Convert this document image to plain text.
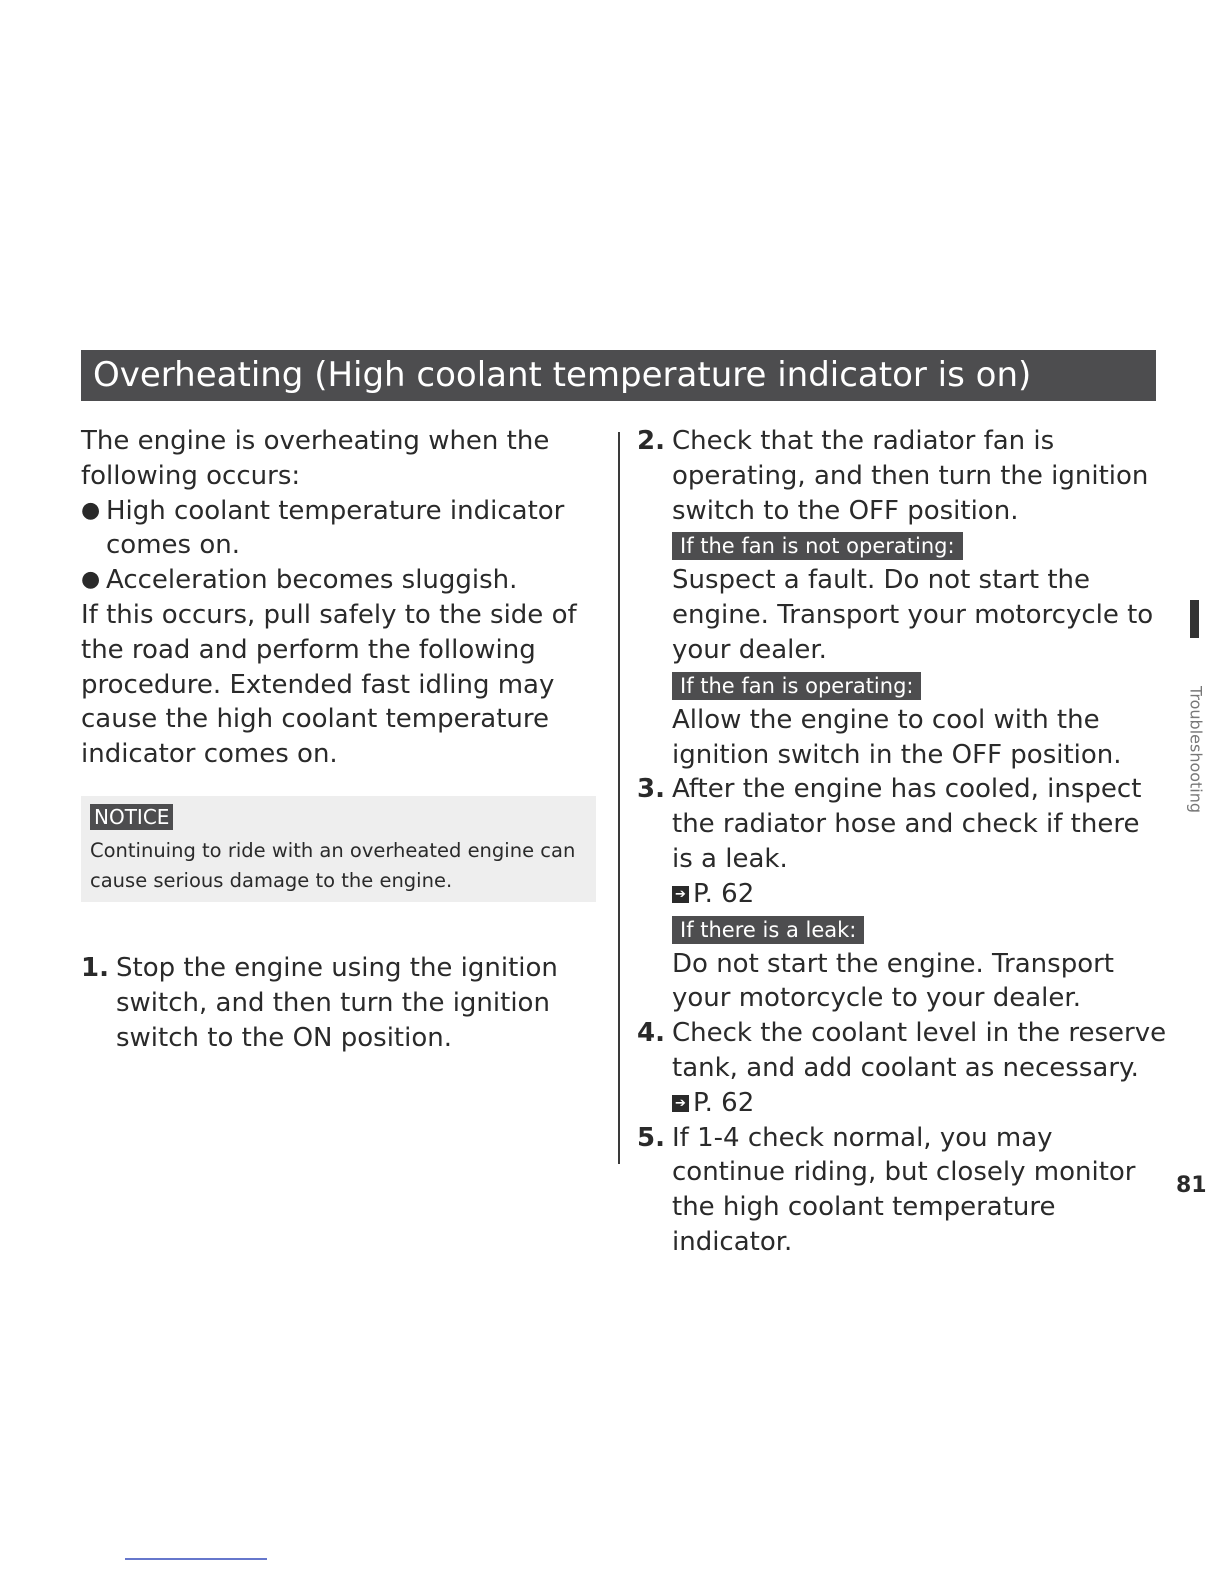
Overheating (High coolant temperature indicator is on)

The engine is overheating when the following occurs:

● High coolant temperature indicator comes on.
● Acceleration becomes sluggish.

If this occurs, pull safely to the side of the road and perform the following procedure. Extended fast idling may cause the high coolant temperature indicator comes on.

NOTICE
Continuing to ride with an overheated engine can cause serious damage to the engine.
1. Stop the engine using the ignition switch, and then turn the ignition switch to the ON position.
2. Check that the radiator fan is operating, and then turn the ignition switch to the OFF position.
If the fan is not operating:
Suspect a fault. Do not start the engine. Transport your motorcycle to your dealer.
If the fan is operating:
Allow the engine to cool with the ignition switch in the OFF position.
3. After the engine has cooled, inspect the radiator hose and check if there is a leak.
➔ P. 62
If there is a leak:
Do not start the engine. Transport your motorcycle to your dealer.
4. Check the coolant level in the reserve tank, and add coolant as necessary.
➔ P. 62
5. If 1-4 check normal, you may continue riding, but closely monitor the high coolant temperature indicator.
Troubleshooting
81
